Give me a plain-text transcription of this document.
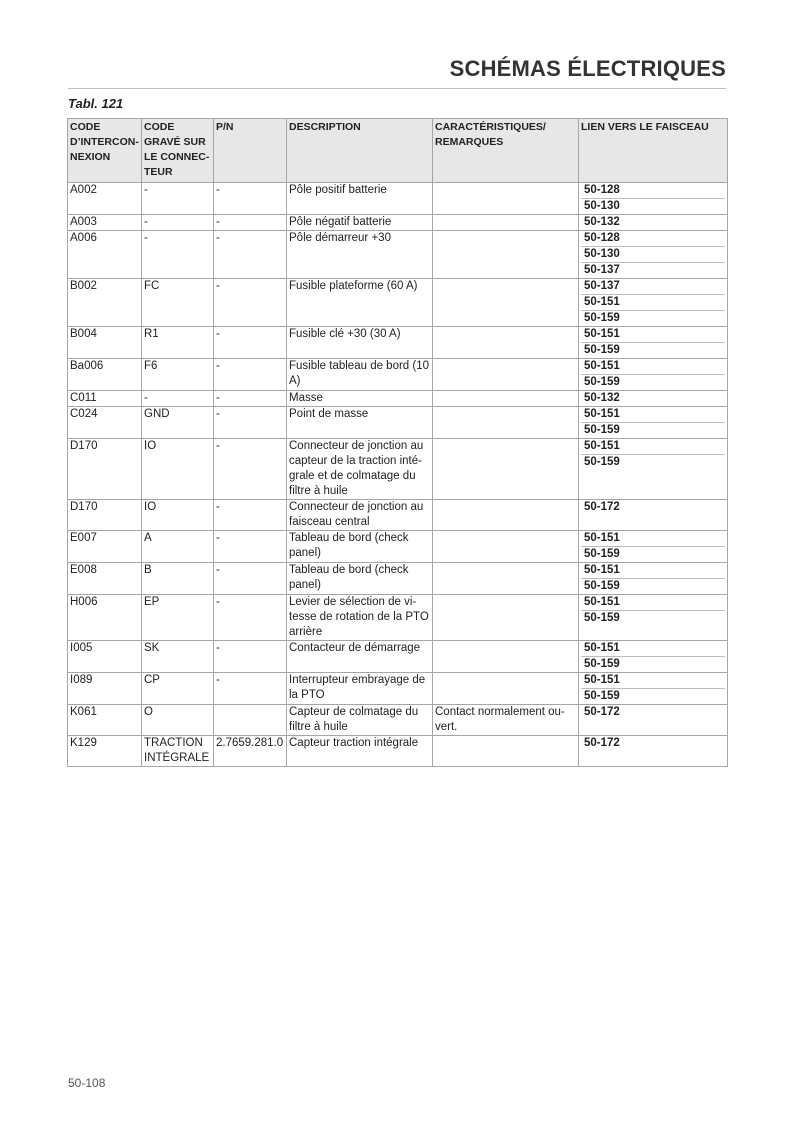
SCHÉMAS ÉLECTRIQUES
Tabl. 121
CODE D’INTERCON-NEXION	CODE GRAVÉ SUR LE CONNEC-TEUR	P/N	DESCRIPTION	CARACTÉRISTIQUES/ REMARQUES	LIEN VERS LE FAISCEAU
A002	-	-	Pôle positif batterie		50-128
50-130

A003	-	-	Pôle négatif batterie		50-132

A006	-	-	Pôle démarreur +30		50-128
50-130
50-137

B002	FC	-	Fusible plateforme (60 A)		50-137
50-151
50-159

B004	R1	-	Fusible clé +30 (30 A)		50-151
50-159

Ba006	F6	-	Fusible tableau de bord (10 A)		50-151
50-159

C011	-	-	Masse		50-132

C024	GND	-	Point de masse		50-151
50-159

D170	IO	-	Connecteur de jonction au capteur de la traction inté-grale et de colmatage du filtre à huile		50-151
50-159

D170	IO	-	Connecteur de jonction au faisceau central		50-172

E007	A	-	Tableau de bord (check panel)		50-151
50-159

E008	B	-	Tableau de bord (check panel)		50-151
50-159

H006	EP	-	Levier de sélection de vi-tesse de rotation de la PTO arrière		50-151
50-159

I005	SK	-	Contacteur de démarrage		50-151
50-159

I089	CP	-	Interrupteur embrayage de la PTO		50-151
50-159

K061	O		Capteur de colmatage du filtre à huile	Contact normalement ou-vert.	50-172

K129	TRACTION INTÉGRALE	2.7659.281.0	Capteur traction intégrale		50-172
50-108
